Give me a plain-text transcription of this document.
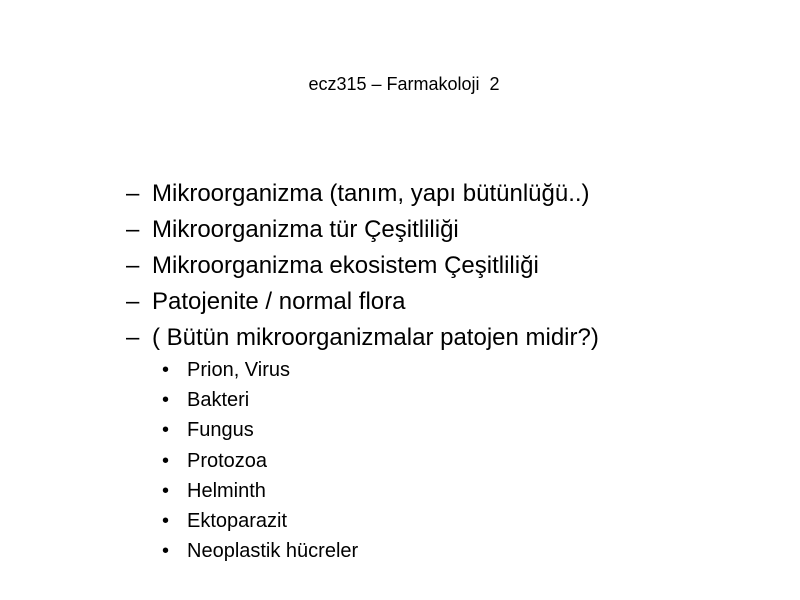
ecz315 – Farmakoloji  2
– Mikroorganizma (tanım, yapı bütünlüğü..)
– Mikroorganizma tür Çeşitliliği
– Mikroorganizma ekosistem Çeşitliliği
– Patojenite / normal flora
– ( Bütün mikroorganizmalar patojen midir?)
• Prion, Virus
• Bakteri
• Fungus
• Protozoa
• Helminth
• Ektoparazit
• Neoplastik hücreler
